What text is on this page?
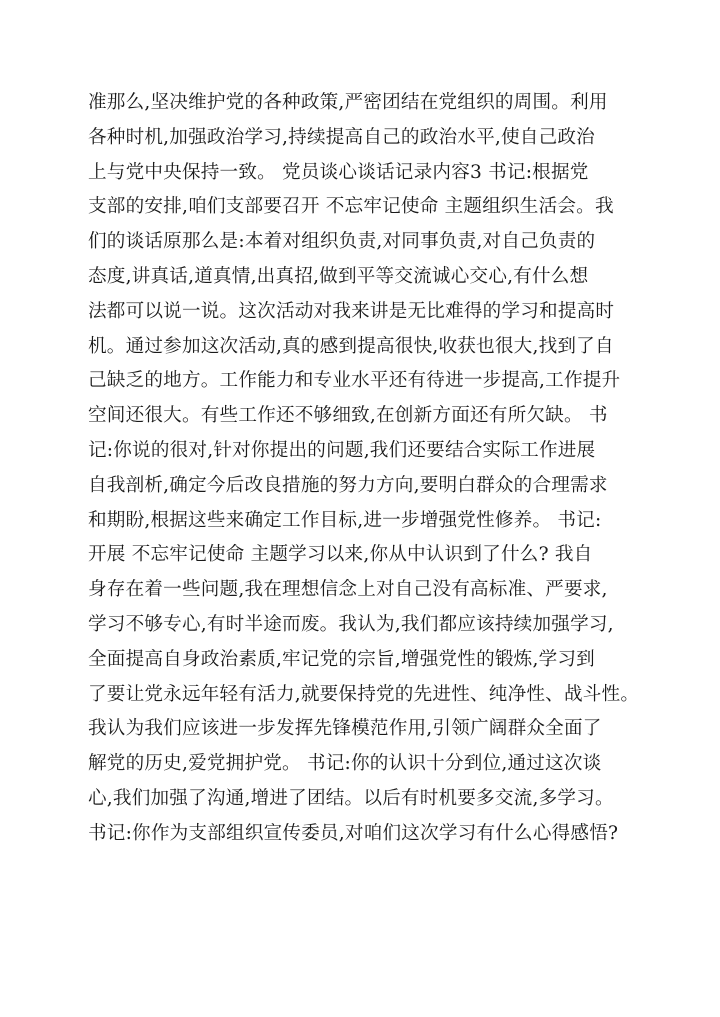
准那么,坚决维护党的各种政策,严密团结在党组织的周围。利用
各种时机,加强政治学习,持续提高自己的政治水平,使自己政治
上与党中央保持一致。 党员谈心谈话记录内容3 书记:根据党
支部的安排,咱们支部要召开 不忘牢记使命 主题组织生活会。我
们的谈话原那么是:本着对组织负责,对同事负责,对自己负责的
态度,讲真话,道真情,出真招,做到平等交流诚心交心,有什么想
法都可以说一说。这次活动对我来讲是无比难得的学习和提高时
机。通过参加这次活动,真的感到提高很快,收获也很大,找到了自
己缺乏的地方。工作能力和专业水平还有待进一步提高,工作提升
空间还很大。有些工作还不够细致,在创新方面还有所欠缺。 书
记:你说的很对,针对你提出的问题,我们还要结合实际工作进展
自我剖析,确定今后改良措施的努力方向,要明白群众的合理需求
和期盼,根据这些来确定工作目标,进一步增强党性修养。 书记:
开展 不忘牢记使命 主题学习以来,你从中认识到了什么? 我自
身存在着一些问题,我在理想信念上对自己没有高标准、严要求,
学习不够专心,有时半途而废。我认为,我们都应该持续加强学习,
全面提高自身政治素质,牢记党的宗旨,增强党性的锻炼,学习到
了要让党永远年轻有活力,就要保持党的先进性、纯净性、战斗性。
我认为我们应该进一步发挥先锋模范作用,引领广阔群众全面了
解党的历史,爱党拥护党。 书记:你的认识十分到位,通过这次谈
心,我们加强了沟通,增进了团结。以后有时机要多交流,多学习。
书记:你作为支部组织宣传委员,对咱们这次学习有什么心得感悟?
